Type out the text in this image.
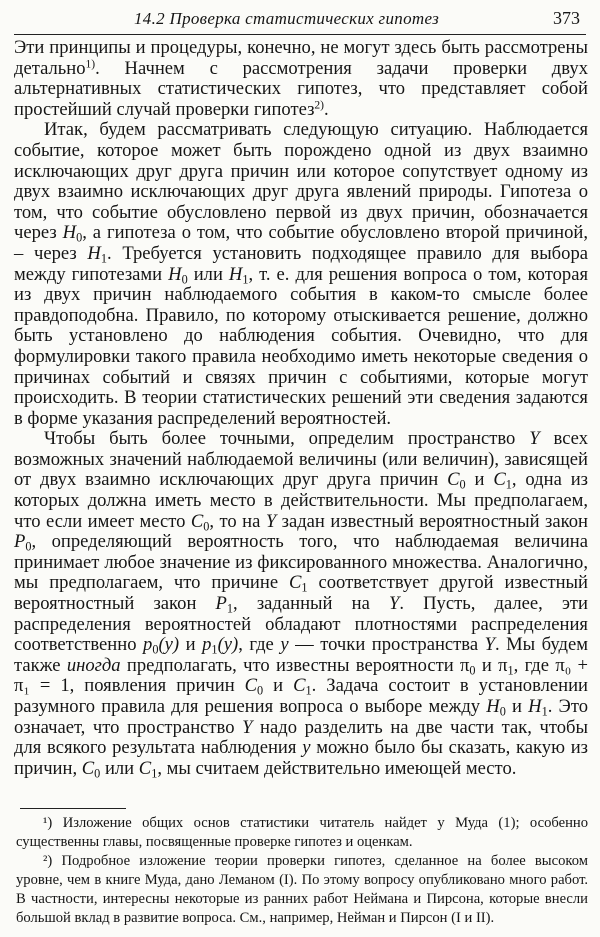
14.2 Проверка статистических гипотез	373

Эти принципы и процедуры, конечно, не могут здесь быть рассмотрены детально$^{1)}$. Начнем с рассмотрения задачи проверки двух альтернативных статистических гипотез, что представляет собой простейший случай проверки гипотез$^{2)}$.

Итак, будем рассматривать следующую ситуацию. Наблюдается событие, которое может быть порождено одной из двух взаимно исключающих друг друга причин или которое сопутствует одному из двух взаимно исключающих друг друга явлений природы. Гипотеза о том, что событие обусловлено первой из двух причин, обозначается через $H_0$, а гипотеза о том, что событие обусловлено второй причиной, – через $H_1$. Требуется установить подходящее правило для выбора между гипотезами $H_0$ или $H_1$, т. е. для решения вопроса о том, которая из двух причин наблюдаемого события в каком-то смысле более правдоподобна. Правило, по которому отыскивается решение, должно быть установлено до наблюдения события. Очевидно, что для формулировки такого правила необходимо иметь некоторые сведения о причинах событий и связях причин с событиями, которые могут происходить. В теории статистических решений эти сведения задаются в форме указания распределений вероятностей.

Чтобы быть более точными, определим пространство Y всех возможных значений наблюдаемой величины (или величин), зависящей от двух взаимно исключающих друг друга причин $C_0$ и $C_1$, одна из которых должна иметь место в действительности. Мы предполагаем, что если имеет место $C_0$, то на Y задан известный вероятностный закон $P_0$, определяющий вероятность того, что наблюдаемая величина принимает любое значение из фиксированного множества. Аналогично, мы предполагаем, что причине $C_1$ соответствует другой известный вероятностный закон $P_1$, заданный на Y. Пусть, далее, эти распределения вероятностей обладают плотностями распределения соответственно $p_0(y)$ и $p_1(y)$, где y — точки пространства Y. Мы будем также иногда предполагать, что известны вероятности $\pi_0$ и $\pi_1$, где π₀ + π₁ = 1, появления причин $C_0$ и $C_1$. Задача состоит в установлении разумного правила для решения вопроса о выборе между $H_0$ и $H_1$. Это означает, что пространство Y надо разделить на две части так, чтобы для всякого результата наблюдения y можно было бы сказать, какую из причин, $C_0$ или $C_1$, мы считаем действительно имеющей место.

¹) Изложение общих основ статистики читатель найдет у Муда (1); особенно существенны главы, посвященные проверке гипотез и оценкам.

²) Подробное изложение теории проверки гипотез, сделанное на более высоком уровне, чем в книге Муда, дано Леманом (I). По этому вопросу опубликовано много работ. В частности, интересны некоторые из ранних работ Неймана и Пирсона, которые внесли большой вклад в развитие вопроса. См., например, Нейман и Пирсон (I и II).
